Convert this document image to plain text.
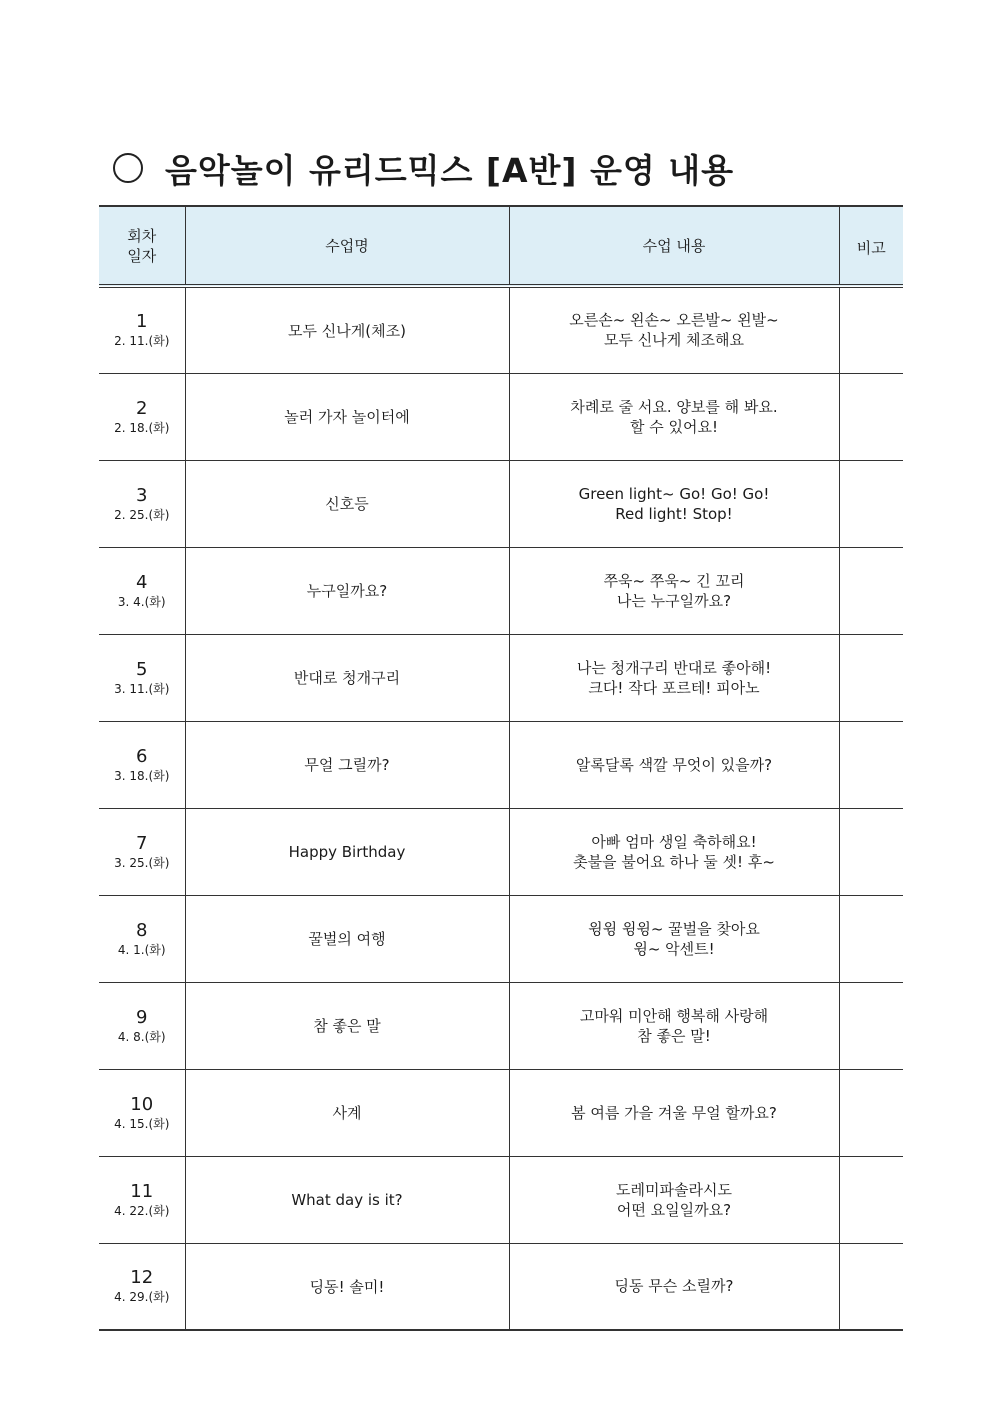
음악놀이 유리드믹스 [A반] 운영 내용
회차
일자	수업명	수업 내용	비고

1
2. 11.(화)	모두 신나게(체조)	오른손~ 왼손~ 오른발~ 왼발~
모두 신나게 체조해요	

2
2. 18.(화)	놀러 가자 놀이터에	차례로 줄 서요. 양보를 해 봐요.
할 수 있어요!	

3
2. 25.(화)	신호등	Green light~ Go! Go! Go!
Red light! Stop!	

4
3. 4.(화)	누구일까요?	쭈욱~ 쭈욱~ 긴 꼬리
나는 누구일까요?	

5
3. 11.(화)	반대로 청개구리	나는 청개구리 반대로 좋아해!
크다! 작다 포르테! 피아노	

6
3. 18.(화)	무얼 그릴까?	알록달록 색깔 무엇이 있을까?	

7
3. 25.(화)	Happy Birthday	아빠 엄마 생일 축하해요!
촛불을 불어요 하나 둘 셋! 후~	

8
4. 1.(화)	꿀벌의 여행	윙윙 윙윙~ 꿀벌을 찾아요
윙~ 악센트!	

9
4. 8.(화)	참 좋은 말	고마워 미안해 행복해 사랑해
참 좋은 말!	

10
4. 15.(화)	사계	봄 여름 가을 겨울 무얼 할까요?	

11
4. 22.(화)	What day is it?	도레미파솔라시도
어떤 요일일까요?	

12
4. 29.(화)	딩동! 솔미!	딩동 무슨 소릴까?	
